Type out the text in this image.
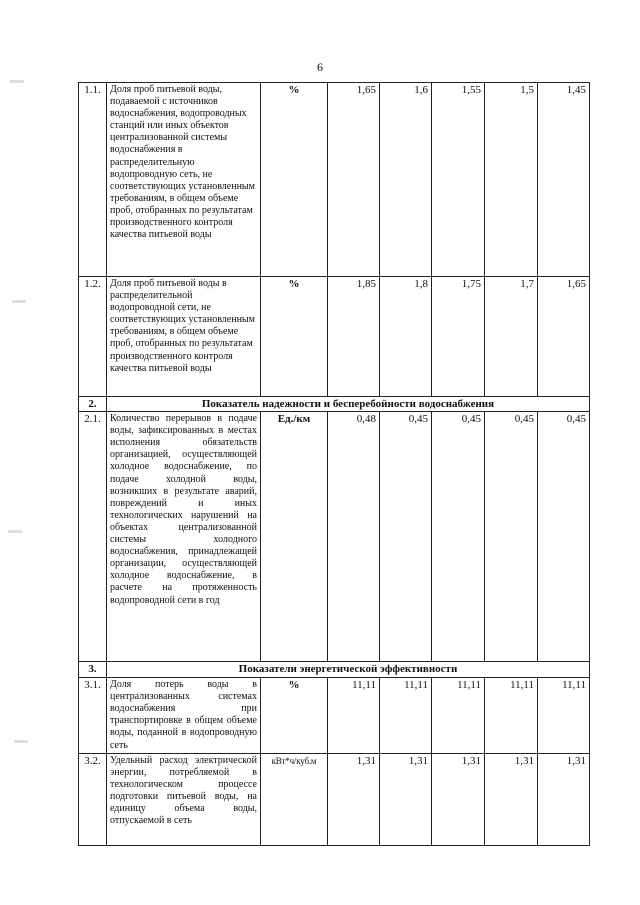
6
1.1.	Доля проб питьевой воды, подаваемой с источников водоснабжения, водопроводных станций или иных объектов централизованной системы водоснабжения в распределительную водопроводную сеть, не соответствующих установленным требованиям, в общем объеме проб, отобранных по результатам производственного контроля качества питьевой воды	%	1,65	1,6	1,55	1,5	1,45
1.2.	Доля проб питьевой воды в распределительной водопроводной сети, не соответствующих установленным требованиям, в общем объеме проб, отобранных по результатам производственного контроля качества питьевой воды	%	1,85	1,8	1,75	1,7	1,65
2.	Показатель надежности и бесперебойности водоснабжения						
2.1.	Количество перерывов в подаче воды, зафиксированных в местах исполнения обязательств организацией, осуществляющей холодное водоснабжение, по подаче холодной воды, возникших в результате аварий, повреждений и иных технологических нарушений на объектах централизованной системы холодного водоснабжения, принадлежащей организации, осуществляющей холодное водоснабжение, в расчете на протяженность водопроводной сети в год	Ед./км	0,48	0,45	0,45	0,45	0,45
3.	Показатели энергетической эффективности						
3.1.	Доля потерь воды в централизованных системах водоснабжения при транспортировке в общем объеме воды, поданной в водопроводную сеть	%	11,11	11,11	11,11	11,11	11,11
3.2.	Удельный расход электрической энергии, потребляемой в технологическом процессе подготовки питьевой воды, на единицу объема воды, отпускаемой в сеть	кВт*ч/куб.м	1,31	1,31	1,31	1,31	1,31
